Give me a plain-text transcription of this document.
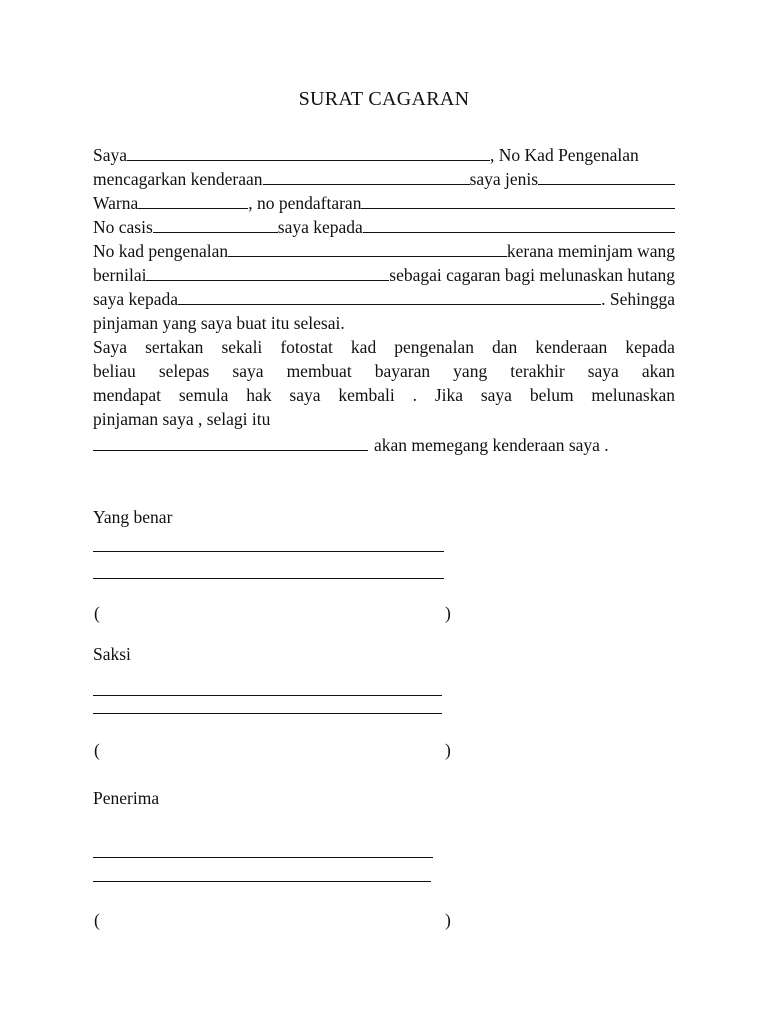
SURAT CAGARAN
Saya	, No Kad Pengenalan
mencagarkan kenderaan	saya jenis
Warna	, no pendaftaran
No casis	saya kepada
No kad pengenalan	kerana meminjam wang
bernilai	sebagai cagaran bagi melunaskan hutang
saya kepada	. Sehingga
pinjaman yang saya buat itu selesai.
Saya sertakan sekali fotostat kad pengenalan dan kenderaan kepada
beliau selepas saya membuat bayaran yang terakhir saya akan
mendapat semula hak saya kembali . Jika saya belum melunaskan
pinjaman saya , selagi itu
akan memegang kenderaan saya .
Yang benar
(	)
Saksi
(	)
Penerima
(	)
